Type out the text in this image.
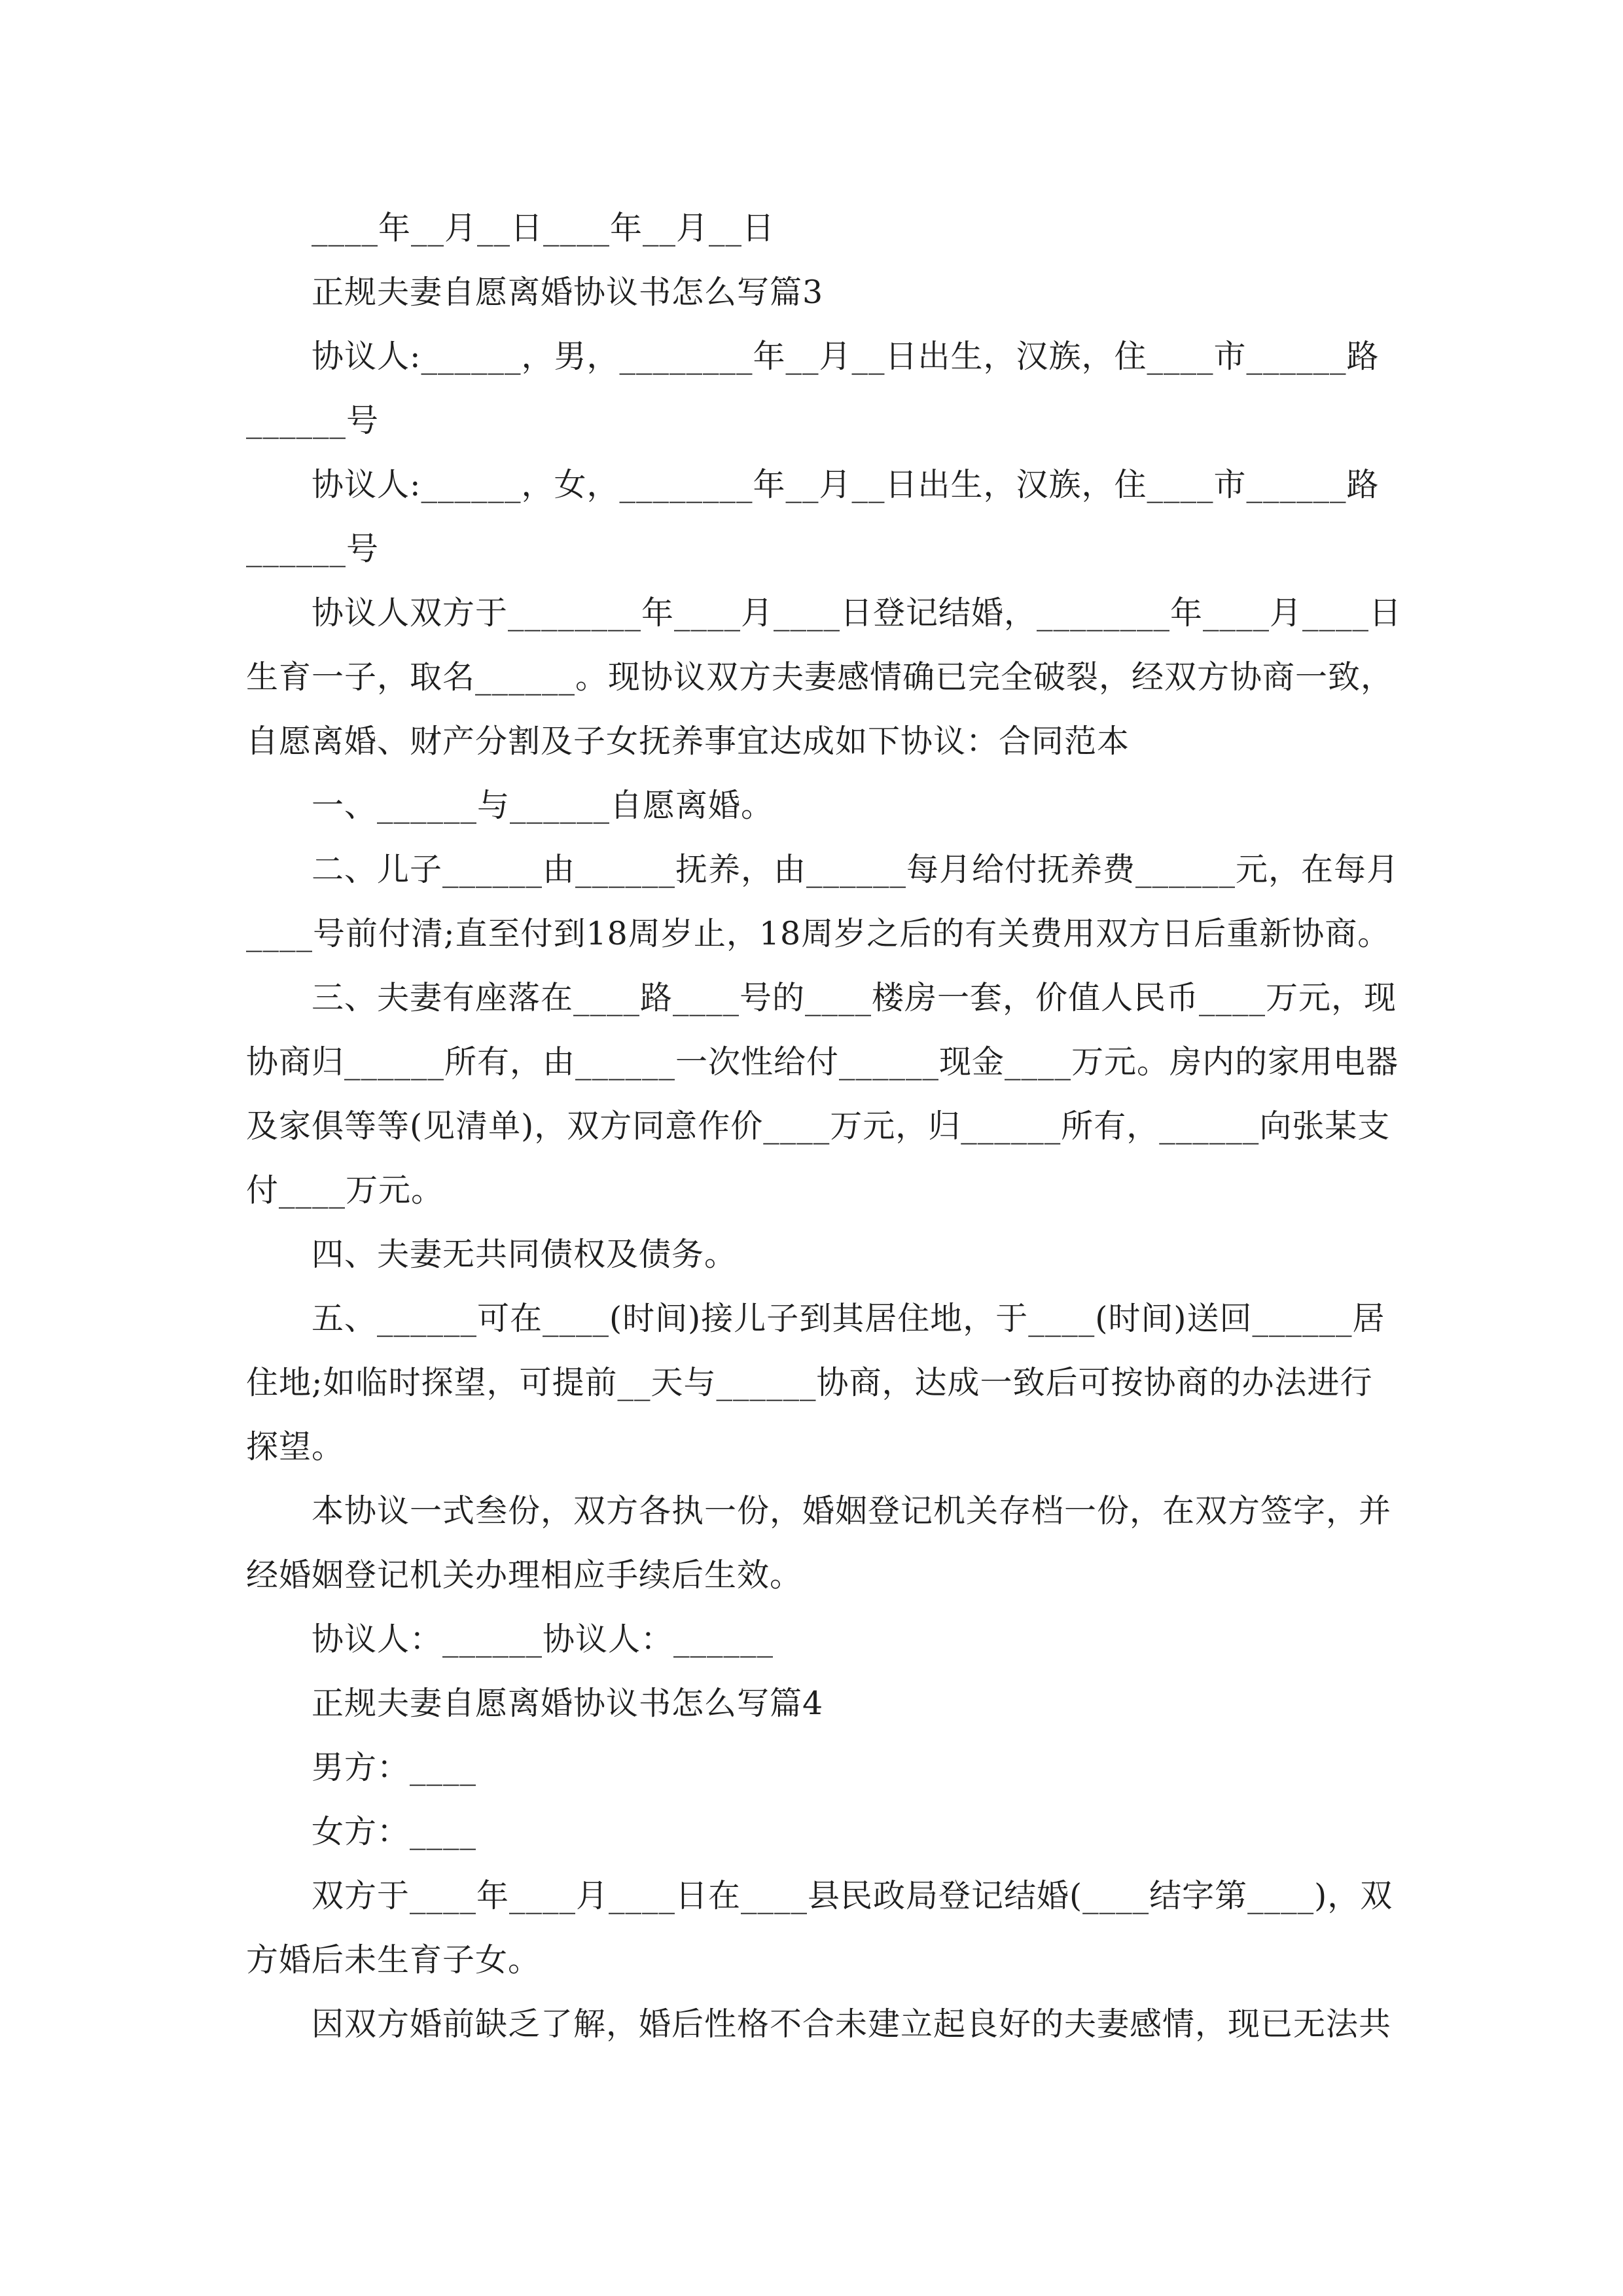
____年__月__日____年__月__日
正规夫妻自愿离婚协议书怎么写篇3
协议人:______，男，________年__月__日出生，汉族，住____市______路
______号
协议人:______，女，________年__月__日出生，汉族，住____市______路
______号
协议人双方于________年____月____日登记结婚，________年____月____日
生育一子，取名______。现协议双方夫妻感情确已完全破裂，经双方协商一致，
自愿离婚、财产分割及子女抚养事宜达成如下协议：合同范本
一、______与______自愿离婚。
二、儿子______由______抚养，由______每月给付抚养费______元，在每月
____号前付清;直至付到18周岁止，18周岁之后的有关费用双方日后重新协商。
三、夫妻有座落在____路____号的____楼房一套，价值人民币____万元，现
协商归______所有，由______一次性给付______现金____万元。房内的家用电器
及家俱等等(见清单)，双方同意作价____万元，归______所有，______向张某支
付____万元。
四、夫妻无共同债权及债务。
五、______可在____(时间)接儿子到其居住地，于____(时间)送回______居
住地;如临时探望，可提前__天与______协商，达成一致后可按协商的办法进行
探望。
本协议一式叁份，双方各执一份，婚姻登记机关存档一份，在双方签字，并
经婚姻登记机关办理相应手续后生效。
协议人：______协议人：______
正规夫妻自愿离婚协议书怎么写篇4
男方：____
女方：____
双方于____年____月____日在____县民政局登记结婚(____结字第____)，双
方婚后未生育子女。
因双方婚前缺乏了解，婚后性格不合未建立起良好的夫妻感情，现已无法共
